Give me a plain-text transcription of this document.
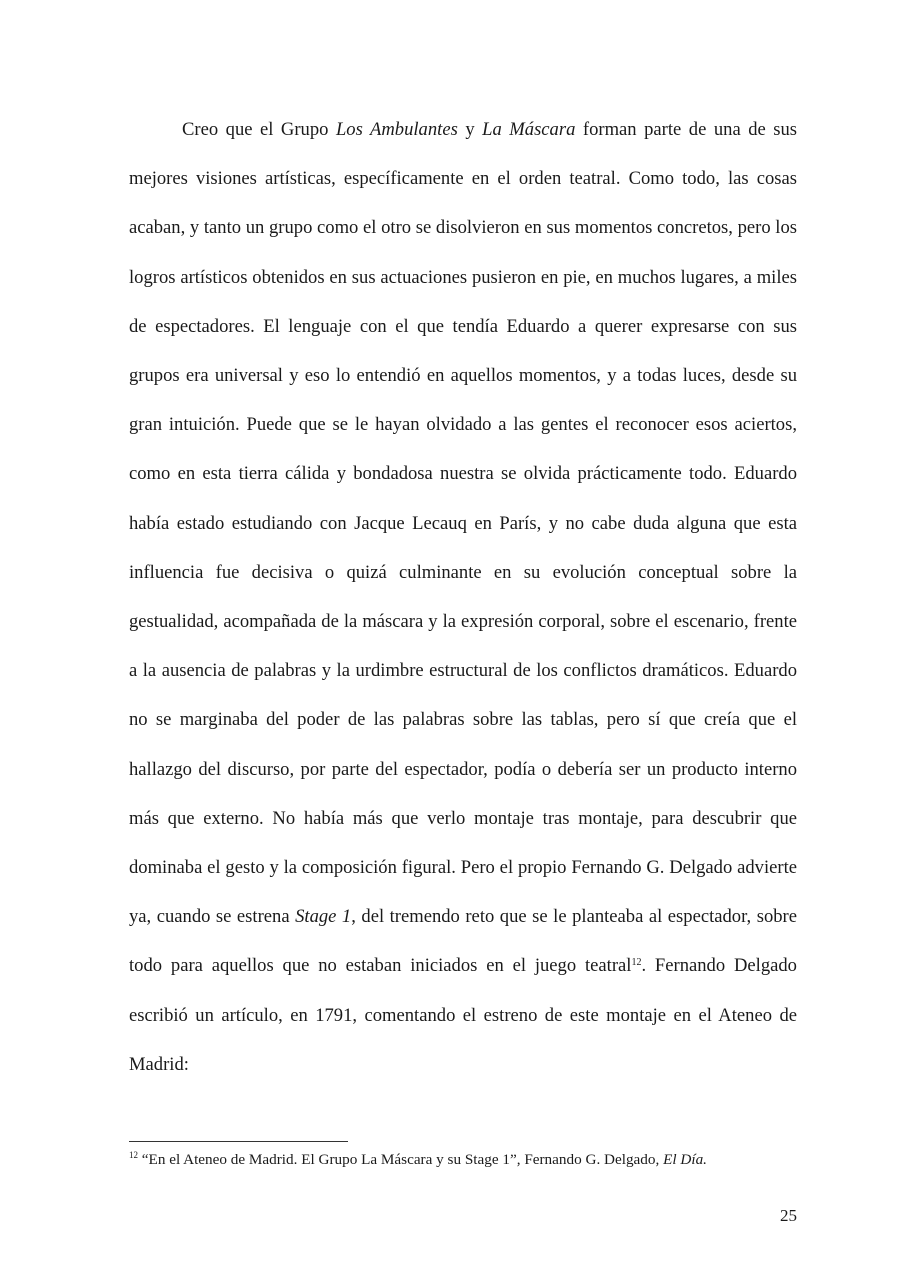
Creo que el Grupo Los Ambulantes y La Máscara forman parte de una de sus mejores visiones artísticas, específicamente en el orden teatral. Como todo, las cosas acaban, y tanto un grupo como el otro se disolvieron en sus momentos concretos, pero los logros artísticos obtenidos en sus actuaciones pusieron en pie, en muchos lugares, a miles de espectadores. El lenguaje con el que tendía Eduardo a querer expresarse con sus grupos era universal y eso lo entendió en aquellos momentos, y a todas luces, desde su gran intuición. Puede que se le hayan olvidado a las gentes el reconocer esos aciertos, como en esta tierra cálida y bondadosa nuestra se olvida prácticamente todo. Eduardo había estado estudiando con Jacque Lecauq en París, y no cabe duda alguna que esta influencia fue decisiva o quizá culminante en su evolución conceptual sobre la gestualidad, acompañada de la máscara y la expresión corporal, sobre el escenario, frente a la ausencia de palabras y la urdimbre estructural de los conflictos dramáticos. Eduardo no se marginaba del poder de las palabras sobre las tablas, pero sí que creía que el hallazgo del discurso, por parte del espectador, podía o debería ser un producto interno más que externo. No había más que verlo montaje tras montaje, para descubrir que dominaba el gesto y la composición figural. Pero el propio Fernando G. Delgado advierte ya, cuando se estrena Stage 1, del tremendo reto que se le planteaba al espectador, sobre todo para aquellos que no estaban iniciados en el juego teatral$^{12}$. Fernando Delgado escribió un artículo, en 1791, comentando el estreno de este montaje en el Ateneo de Madrid:

$^{12}$ “En el Ateneo de Madrid. El Grupo La Máscara y su Stage 1”, Fernando G. Delgado, El Día.

25
